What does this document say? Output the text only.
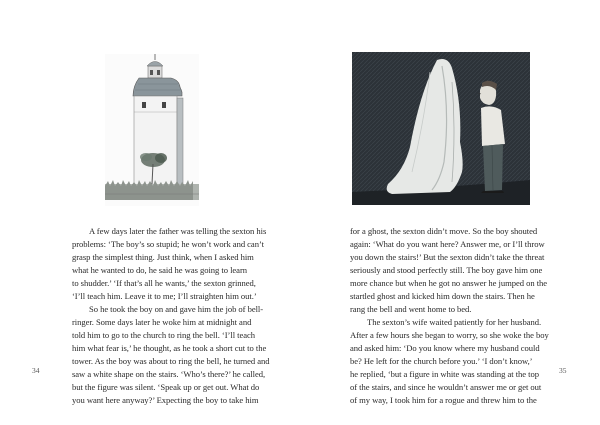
A few days later the father was telling the sexton his
problems: ‘The boy’s so stupid; he won’t work and can’t
grasp the simplest thing. Just think, when I asked him
what he wanted to do, he said he was going to learn
to shudder.’ ‘If that’s all he wants,’ the sexton grinned,
‘I’ll teach him. Leave it to me; I’ll straighten him out.’
So he took the boy on and gave him the job of bell-
ringer. Some days later he woke him at midnight and
told him to go to the church to ring the bell. ‘I’ll teach
him what fear is,’ he thought, as he took a short cut to the
tower. As the boy was about to ring the bell, he turned and
saw a white shape on the stairs. ‘Who’s there?’ he called,
but the figure was silent. ‘Speak up or get out. What do
you want here anyway?’ Expecting the boy to take him
34
for a ghost, the sexton didn’t move. So the boy shouted
again: ‘What do you want here? Answer me, or I’ll throw
you down the stairs!’ But the sexton didn’t take the threat
seriously and stood perfectly still. The boy gave him one
more chance but when he got no answer he jumped on the
startled ghost and kicked him down the stairs. Then he
rang the bell and went home to bed.
The sexton’s wife waited patiently for her husband.
After a few hours she began to worry, so she woke the boy
and asked him: ‘Do you know where my husband could
be? He left for the church before you.’ ‘I don’t know,’
he replied, ‘but a figure in white was standing at the top
of the stairs, and since he wouldn’t answer me or get out
of my way, I took him for a rogue and threw him to the
35
